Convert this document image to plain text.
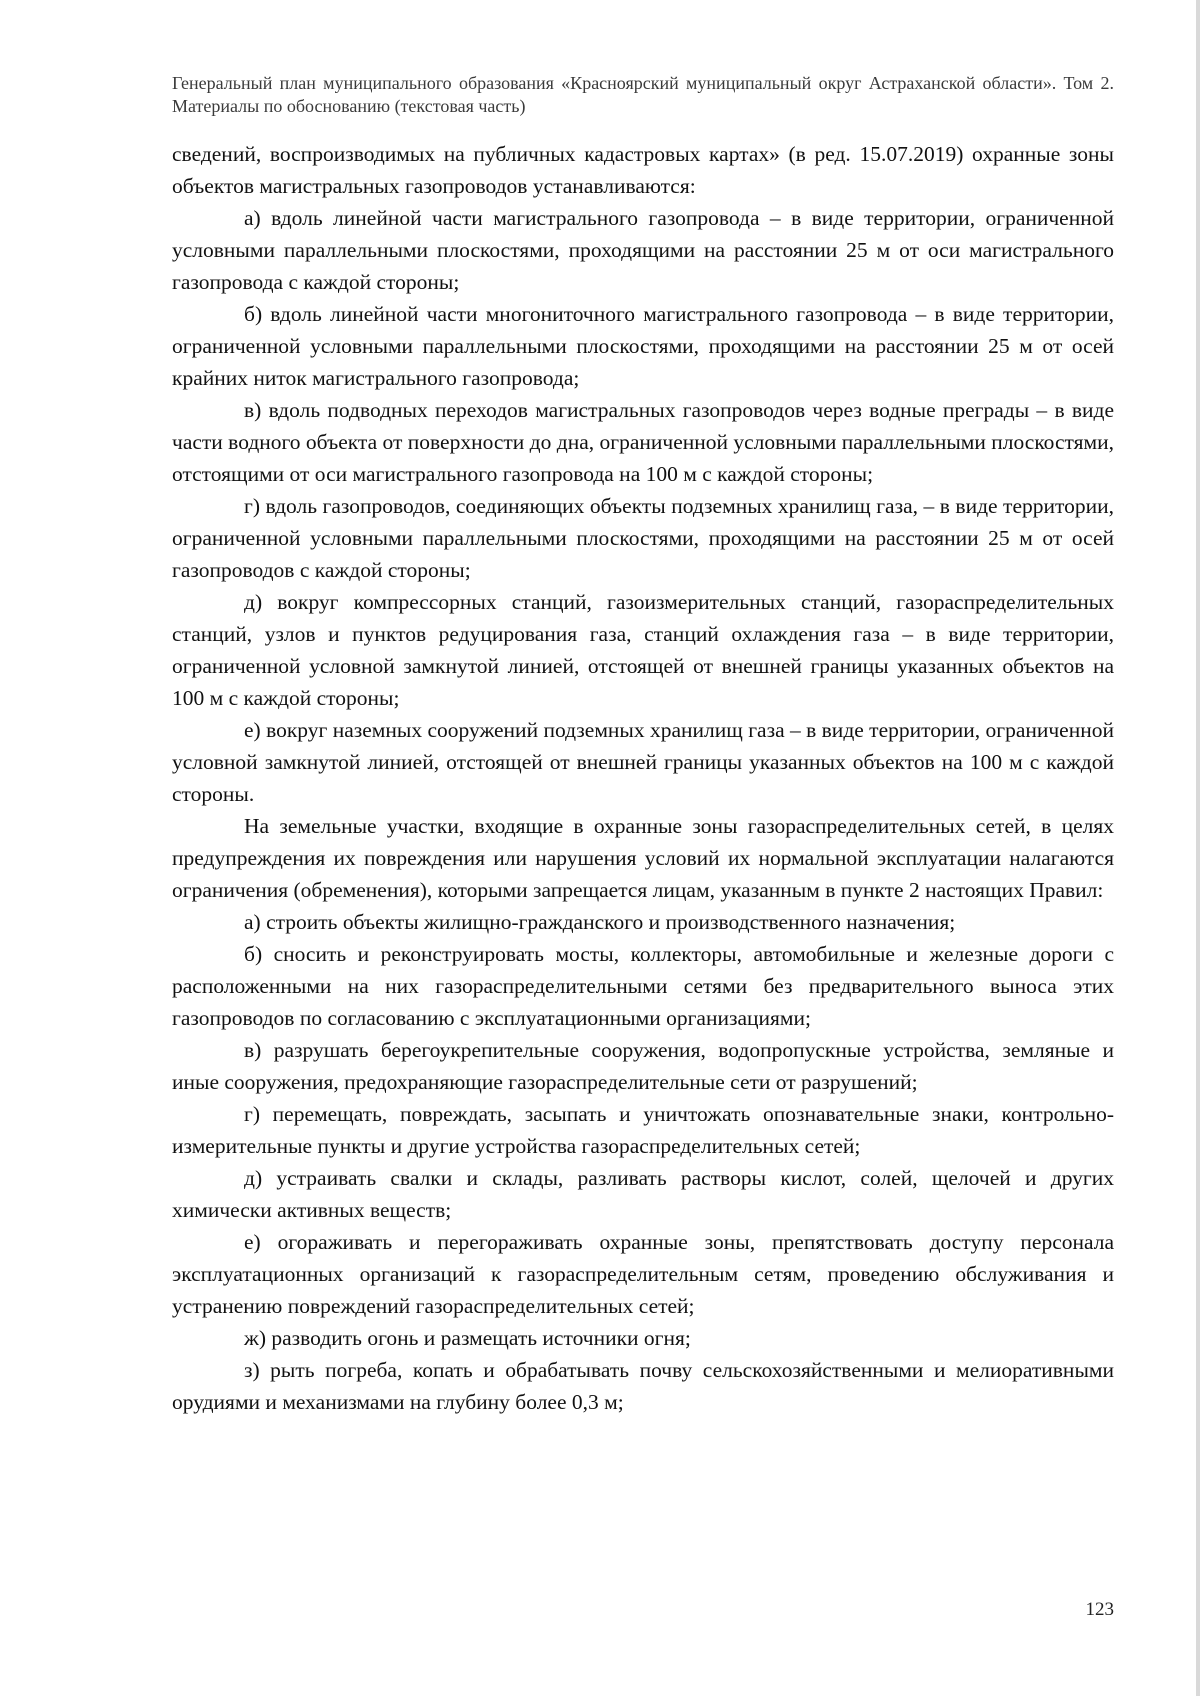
Генеральный план муниципального образования «Красноярский муниципальный округ Астраханской области». Том 2. Материалы по обоснованию (текстовая часть)

сведений, воспроизводимых на публичных кадастровых картах» (в ред. 15.07.2019) охранные зоны объектов магистральных газопроводов устанавливаются:

а) вдоль линейной части магистрального газопровода – в виде территории, ограниченной условными параллельными плоскостями, проходящими на расстоянии 25 м от оси магистрального газопровода с каждой стороны;

б) вдоль линейной части многониточного магистрального газопровода – в виде территории, ограниченной условными параллельными плоскостями, проходящими на расстоянии 25 м от осей крайних ниток магистрального газопровода;

в) вдоль подводных переходов магистральных газопроводов через водные преграды – в виде части водного объекта от поверхности до дна, ограниченной условными параллельными плоскостями, отстоящими от оси магистрального газопровода на 100 м с каждой стороны;

г) вдоль газопроводов, соединяющих объекты подземных хранилищ газа, – в виде территории, ограниченной условными параллельными плоскостями, проходящими на расстоянии 25 м от осей газопроводов с каждой стороны;

д) вокруг компрессорных станций, газоизмерительных станций, газораспределительных станций, узлов и пунктов редуцирования газа, станций охлаждения газа – в виде территории, ограниченной условной замкнутой линией, отстоящей от внешней границы указанных объектов на 100 м с каждой стороны;

е) вокруг наземных сооружений подземных хранилищ газа – в виде территории, ограниченной условной замкнутой линией, отстоящей от внешней границы указанных объектов на 100 м с каждой стороны.

На земельные участки, входящие в охранные зоны газораспределительных сетей, в целях предупреждения их повреждения или нарушения условий их нормальной эксплуатации налагаются ограничения (обременения), которыми запрещается лицам, указанным в пункте 2 настоящих Правил:

а) строить объекты жилищно-гражданского и производственного назначения;

б) сносить и реконструировать мосты, коллекторы, автомобильные и железные дороги с расположенными на них газораспределительными сетями без предварительного выноса этих газопроводов по согласованию с эксплуатационными организациями;

в) разрушать берегоукрепительные сооружения, водопропускные устройства, земляные и иные сооружения, предохраняющие газораспределительные сети от разрушений;

г) перемещать, повреждать, засыпать и уничтожать опознавательные знаки, контрольно-измерительные пункты и другие устройства газораспределительных сетей;

д) устраивать свалки и склады, разливать растворы кислот, солей, щелочей и других химически активных веществ;

е) огораживать и перегораживать охранные зоны, препятствовать доступу персонала эксплуатационных организаций к газораспределительным сетям, проведению обслуживания и устранению повреждений газораспределительных сетей;

ж) разводить огонь и размещать источники огня;

з) рыть погреба, копать и обрабатывать почву сельскохозяйственными и мелиоративными орудиями и механизмами на глубину более 0,3 м;

123
